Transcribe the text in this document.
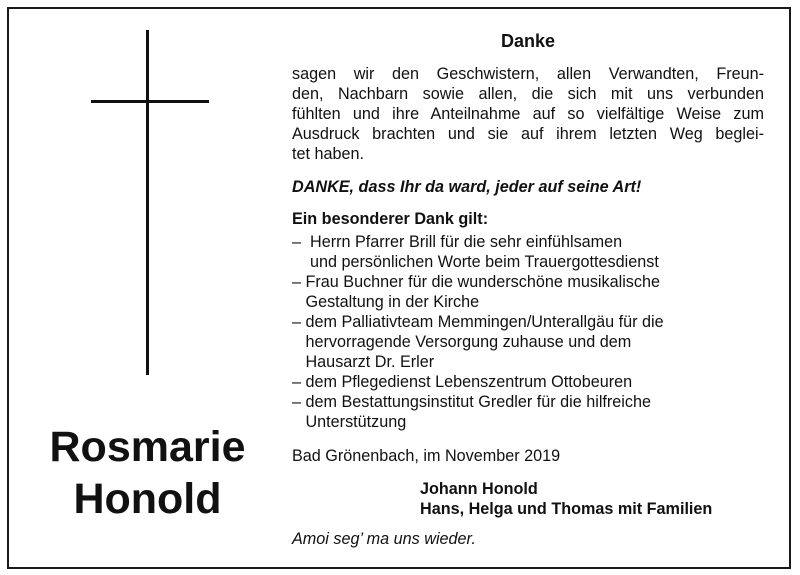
Rosmarie
Honold
Danke
sagen wir den Geschwistern, allen Verwandten, Freun-
den, Nachbarn sowie allen, die sich mit uns verbunden
fühlten und ihre Anteilnahme auf so vielfältige Weise zum
Ausdruck brachten und sie auf ihrem letzten Weg beglei-
tet haben.
DANKE, dass Ihr da ward, jeder auf seine Art!
Ein besonderer Dank gilt:
–  Herrn Pfarrer Brill für die sehr einfühlsamen
und persönlichen Worte beim Trauergottesdienst
– Frau Buchner für die wunderschöne musikalische
Gestaltung in der Kirche
– dem Palliativteam Memmingen/Unterallgäu für die
hervorragende Versorgung zuhause und dem
Hausarzt Dr. Erler
– dem Pflegedienst Lebenszentrum Ottobeuren
– dem Bestattungsinstitut Gredler für die hilfreiche
Unterstützung
Bad Grönenbach, im November 2019
Johann Honold
Hans, Helga und Thomas mit Familien
Amoi seg’ ma uns wieder.
